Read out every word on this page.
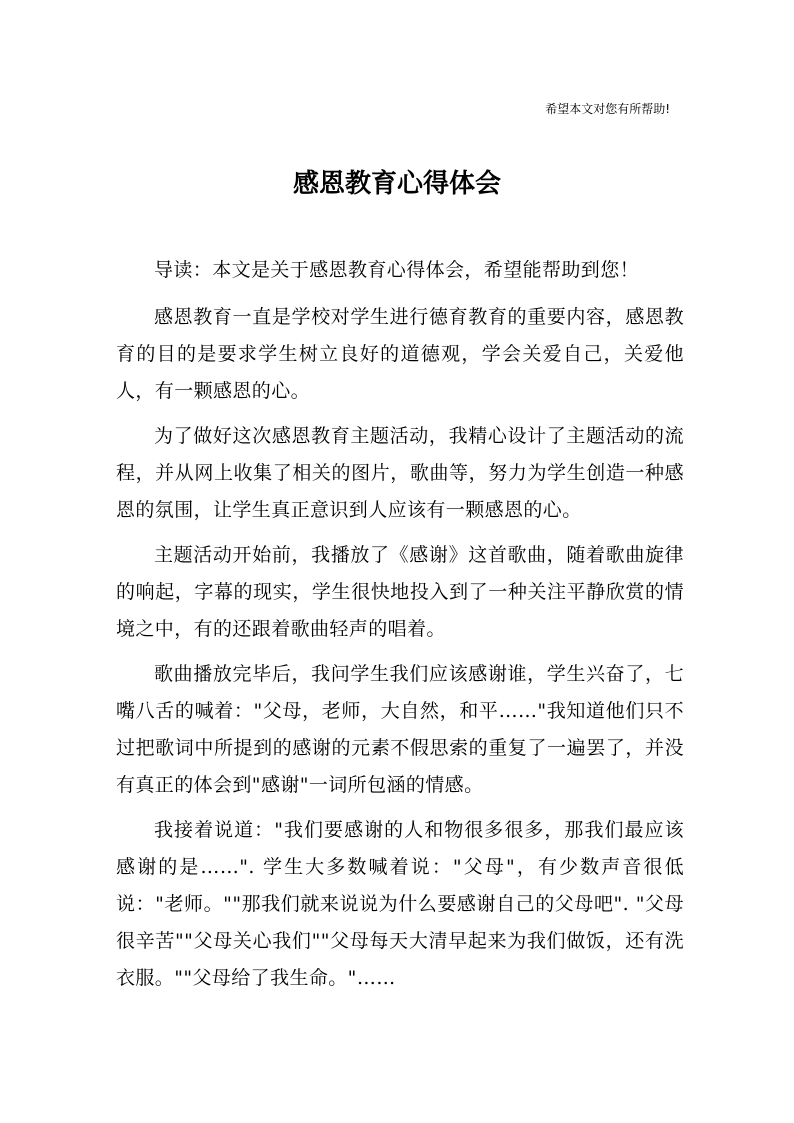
希望本文对您有所帮助!
感恩教育心得体会

导读：本文是关于感恩教育心得体会，希望能帮助到您！

感恩教育一直是学校对学生进行德育教育的重要内容，感恩教育的目的是要求学生树立良好的道德观，学会关爱自己，关爱他人，有一颗感恩的心。

为了做好这次感恩教育主题活动，我精心设计了主题活动的流程，并从网上收集了相关的图片，歌曲等，努力为学生创造一种感恩的氛围，让学生真正意识到人应该有一颗感恩的心。

主题活动开始前，我播放了《感谢》这首歌曲，随着歌曲旋律的响起，字幕的现实，学生很快地投入到了一种关注平静欣赏的情境之中，有的还跟着歌曲轻声的唱着。

歌曲播放完毕后，我问学生我们应该感谢谁，学生兴奋了，七嘴八舌的喊着："父母，老师，大自然，和平……"我知道他们只不过把歌词中所提到的感谢的元素不假思索的重复了一遍罢了，并没有真正的体会到"感谢"一词所包涵的情感。

我接着说道："我们要感谢的人和物很多很多，那我们最应该感谢的是……". 学生大多数喊着说："父母"，有少数声音很低说："老师。""那我们就来说说为什么要感谢自己的父母吧". "父母很辛苦""父母关心我们""父母每天大清早起来为我们做饭，还有洗衣服。""父母给了我生命。"……
